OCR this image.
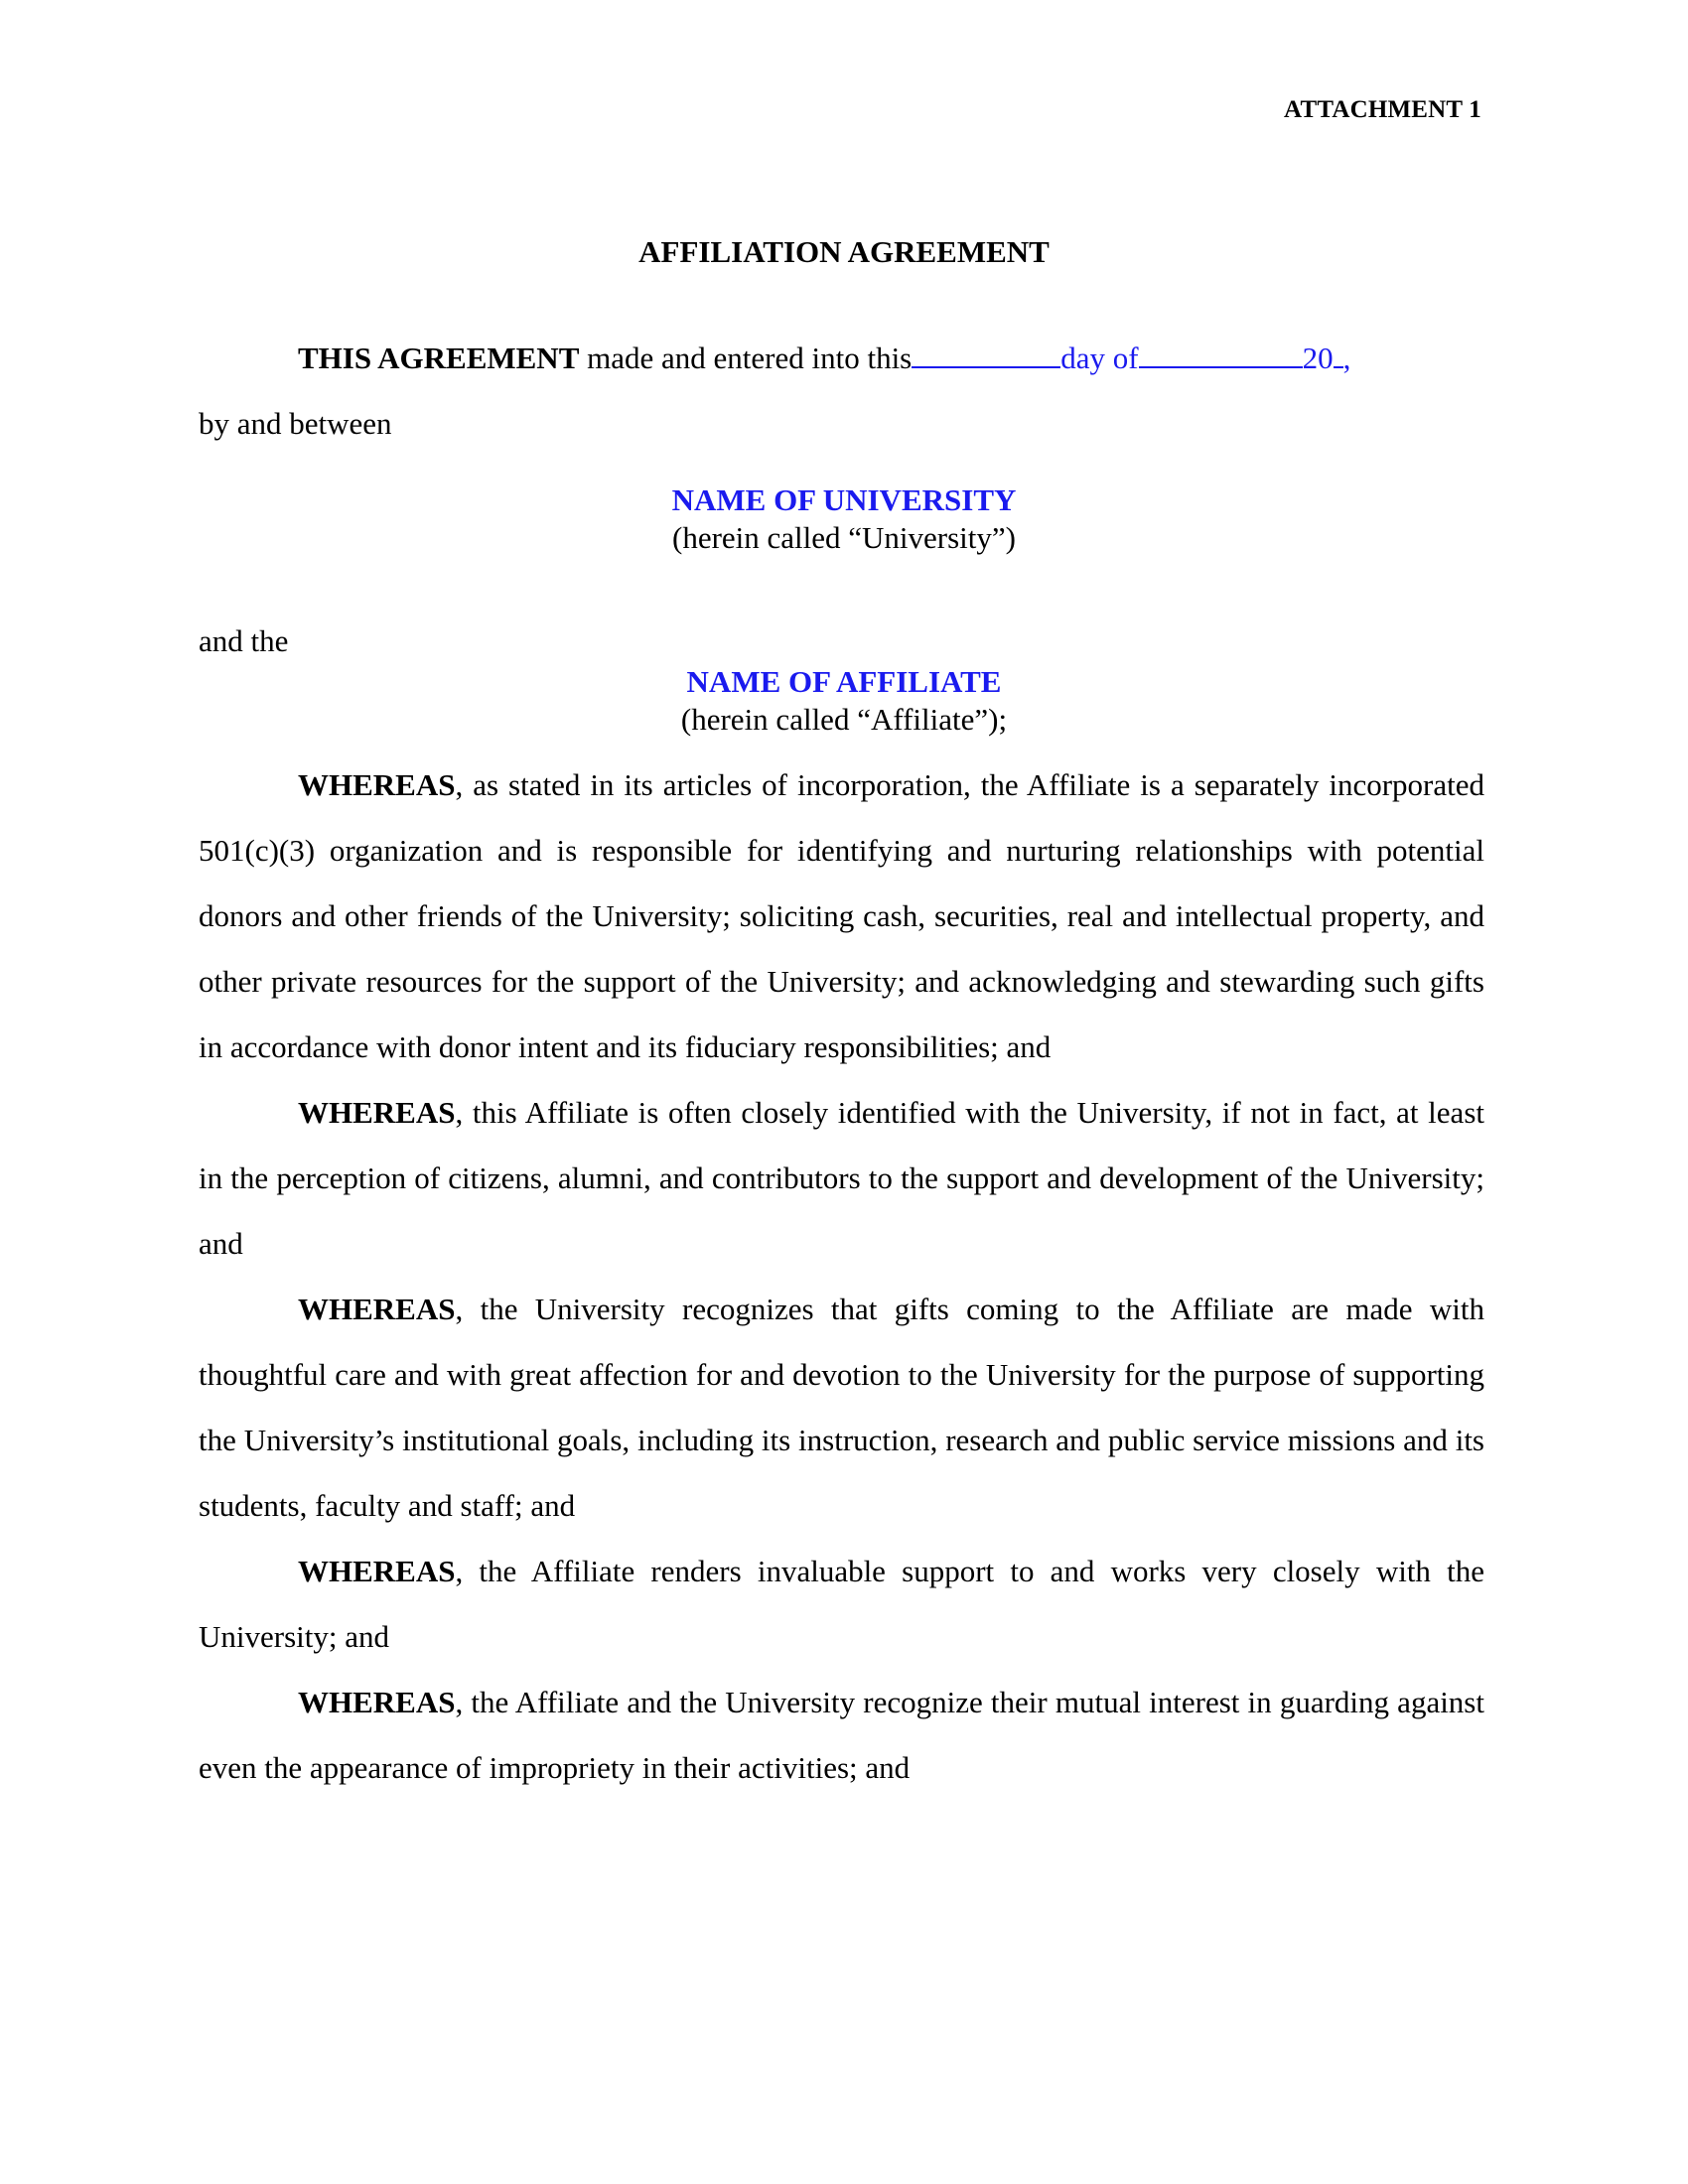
ATTACHMENT 1
AFFILIATION AGREEMENT
THIS AGREEMENT made and entered into this	day of	20 ,
by and between
NAME OF UNIVERSITY
(herein called “University”)
and the
NAME OF AFFILIATE
(herein called “Affiliate”);

WHEREAS, as stated in its articles of incorporation, the Affiliate is a separately incorporated 501(c)(3) organization and is responsible for identifying and nurturing relationships with potential donors and other friends of the University; soliciting cash, securities, real and intellectual property, and other private resources for the support of the University; and acknowledging and stewarding such gifts in accordance with donor intent and its fiduciary responsibilities; and

WHEREAS, this Affiliate is often closely identified with the University, if not in fact, at least in the perception of citizens, alumni, and contributors to the support and development of the University; and

WHEREAS, the University recognizes that gifts coming to the Affiliate are made with thoughtful care and with great affection for and devotion to the University for the purpose of supporting the University’s institutional goals, including its instruction, research and public service missions and its students, faculty and staff; and

WHEREAS, the Affiliate renders invaluable support to and works very closely with the University; and

WHEREAS, the Affiliate and the University recognize their mutual interest in guarding against even the appearance of impropriety in their activities; and
